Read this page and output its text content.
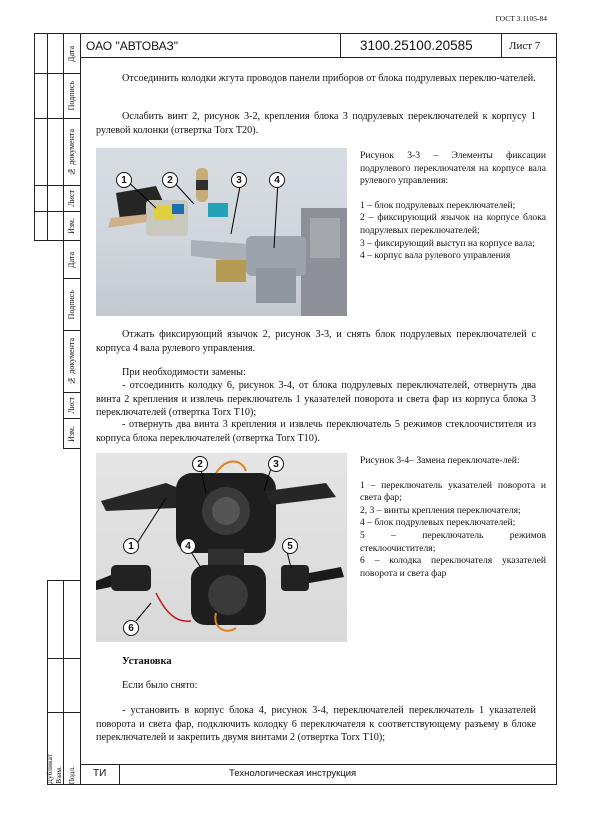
ГОСТ 3.1105-84
ОАО "АВТОВАЗ"	3100.25100.20585	Лист 7
ТИ	Технологическая инструкция
Дата
Подпись
№ документа
Лист
Изм.
Дата
Подпись
№ документа
Лист
Изм.
Дубликат Взам. Подл.
Отсоединить колодки жгута проводов панели приборов от блока подрулевых переклю-чателей.
Ослабить винт 2, рисунок 3-2, крепления блока 3 подрулевых переключателей к корпусу 1 рулевой колонки (отвертка Torx T20).
1	2	3	4
Рисунок 3-3 – Элементы фиксации подрулевого переключателя на корпусе вала рулевого управления:
1 – блок подрулевых переключателей;
2 – фиксирующий язычок на корпусе блока подрулевых переключателей;
3 – фиксирующий выступ на корпусе вала;
4 – корпус вала рулевого управления
Отжать фиксирующий язычок 2, рисунок 3-3, и снять блок подрулевых переключателей с корпуса 4 вала рулевого управления.
При необходимости замены:
- отсоединить колодку 6, рисунок 3-4, от блока подрулевых переключателей, отвернуть два винта 2 крепления и извлечь переключатель 1 указателей поворота и света фар из корпуса блока 3 переключателей (отвертка Torx T10);
- отвернуть два винта 3 крепления и извлечь переключатель 5 режимов стеклоочистителя из корпуса блока переключателей (отвертка Torx T10).
1
2	3
4	5
6
Рисунок 3-4– Замена переключате-лей:
1 – переключатель указателей поворота и света фар;
2, 3 – винты крепления переключателя;
4 – блок подрулевых переключателей;
5 – переключатель режимов стеклоочистителя;
6 – колодка переключателя указателей поворота и света фар
Установка
Если было снято:
- установить в корпус блока 4, рисунок 3-4, переключателей переключатель 1 указателей поворота и света фар, подключить колодку 6 переключателя к соответствующему разъему в блоке переключателей и закрепить двумя винтами 2 (отвертка Torx T10);
